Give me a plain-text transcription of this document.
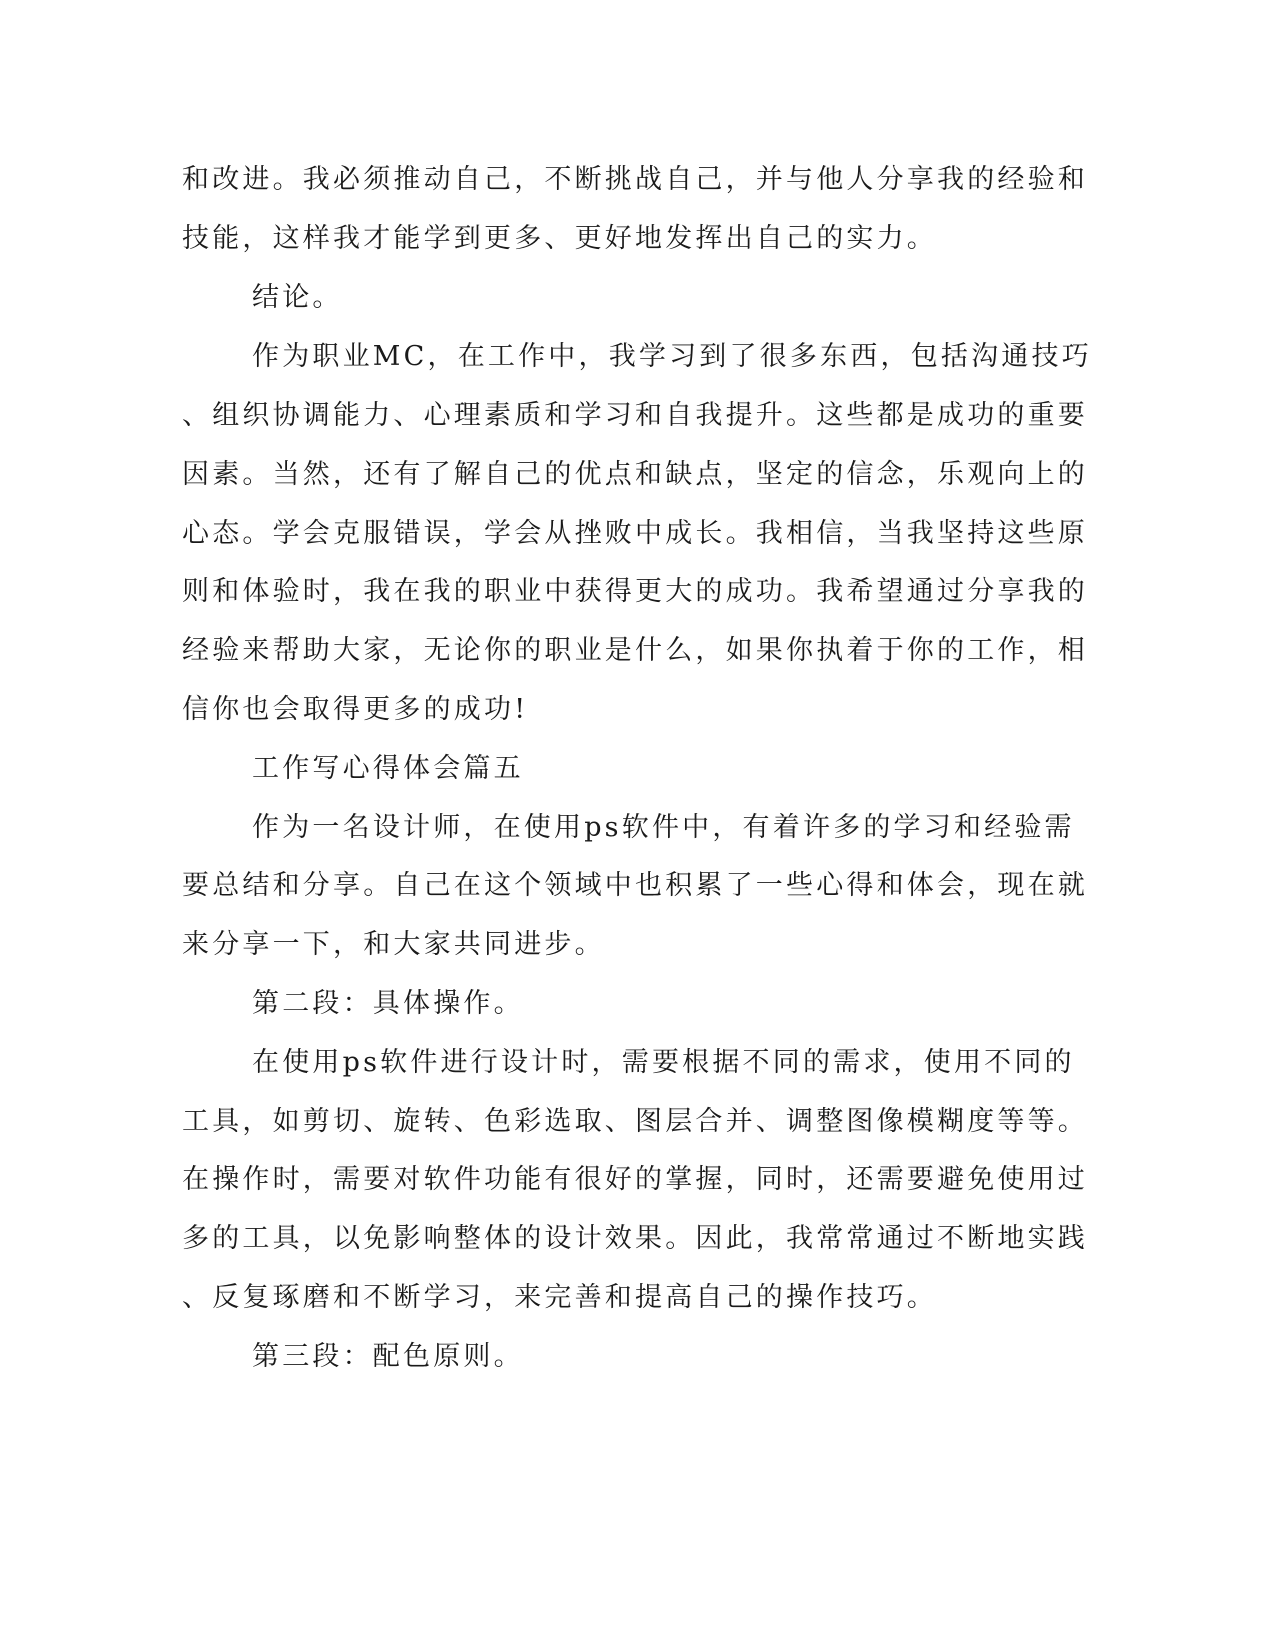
和改进。我必须推动自己，不断挑战自己，并与他人分享我的经验和
技能，这样我才能学到更多、更好地发挥出自己的实力。
结论。
作为职业MC，在工作中，我学习到了很多东西，包括沟通技巧
、组织协调能力、心理素质和学习和自我提升。这些都是成功的重要
因素。当然，还有了解自己的优点和缺点，坚定的信念，乐观向上的
心态。学会克服错误，学会从挫败中成长。我相信，当我坚持这些原
则和体验时，我在我的职业中获得更大的成功。我希望通过分享我的
经验来帮助大家，无论你的职业是什么，如果你执着于你的工作，相
信你也会取得更多的成功!
工作写心得体会篇五
作为一名设计师，在使用ps软件中，有着许多的学习和经验需
要总结和分享。自己在这个领域中也积累了一些心得和体会，现在就
来分享一下，和大家共同进步。
第二段：具体操作。
在使用ps软件进行设计时，需要根据不同的需求，使用不同的
工具，如剪切、旋转、色彩选取、图层合并、调整图像模糊度等等。
在操作时，需要对软件功能有很好的掌握，同时，还需要避免使用过
多的工具，以免影响整体的设计效果。因此，我常常通过不断地实践
、反复琢磨和不断学习，来完善和提高自己的操作技巧。
第三段：配色原则。
